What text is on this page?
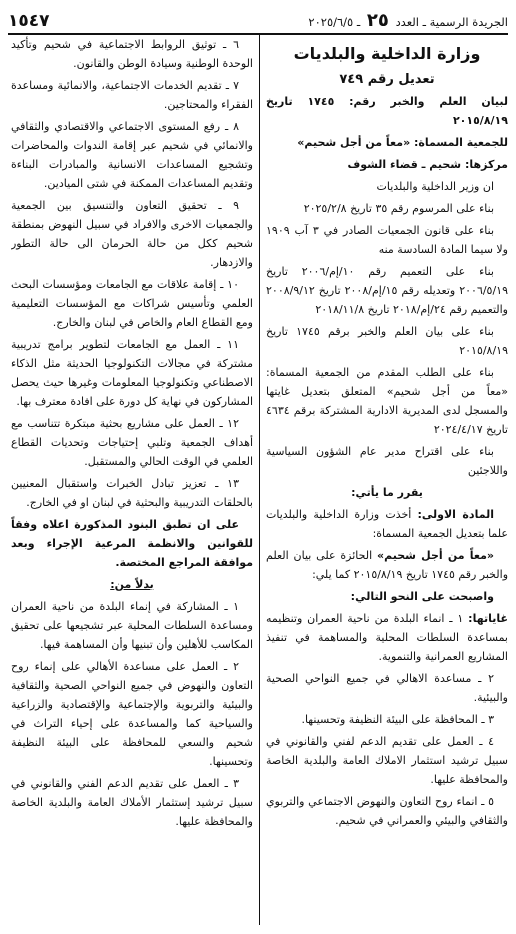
الجريدة الرسمية ـ العدد ٢٥ ـ ٢٠٢٥/٦/٥
١٥٤٧
وزارة الداخلية والبلديات
تعديل رقم ٧٤٩
لبيان العلم والخبر رقم: ١٧٤٥ تاريخ ٢٠١٥/٨/١٩
للجمعية المسماة: «معاً من أجل شحيم»
مركزها: شحيم ـ قضاء الشوف
ان وزير الداخلية والبلديات
بناء على المرسوم رقم ٣٥ تاريخ ٢٠٢٥/٢/٨
بناء على قانون الجمعيات الصادر في ٣ آب ١٩٠٩ ولا سيما المادة السادسة منه
بناء على التعميم رقم ١٠/إم/٢٠٠٦ تاريخ ٢٠٠٦/٥/١٩ وتعديله رقم ١٥/إم/٢٠٠٨ تاريخ ٢٠٠٨/٩/١٢ والتعميم رقم ٢٤/إم/٢٠١٨ تاريخ ٢٠١٨/١١/٨
بناء على بيان العلم والخبر برقم ١٧٤٥ تاريخ ٢٠١٥/٨/١٩
بناء على الطلب المقدم من الجمعية المسماة: «معاً من أجل شحيم» المتعلق بتعديل غايتها والمسجل لدى المديرية الادارية المشتركة برقم ٤٦٣٤ تاريخ ٢٠٢٤/٤/١٧
بناء على اقتراح مدير عام الشؤون السياسية واللاجئين
يقرر ما يأتي:
المادة الاولى: أخذت وزارة الداخلية والبلديات علما بتعديل الجمعية المسماة:
«معاً من أجل شحيم» الحائزة على بيان العلم والخبر رقم ١٧٤٥ تاريخ ٢٠١٥/٨/١٩ كما يلي:
واصبحت على النحو التالي:
غاياتها: ١ ـ انماء البلدة من ناحية العمران وتنظيمه بمساعدة السلطات المحلية والمساهمة في تنفيذ المشاريع العمرانية والتنموية.
٢ ـ مساعدة الاهالي في جميع النواحي الصحية والبيئية.
٣ ـ المحافظة على البيئة النظيفة وتحسينها.
٤ ـ العمل على تقديم الدعم لفني والقانوني في سبيل ترشيد استثمار الاملاك العامة والبلدية الخاصة والمحافظة عليها.
٥ ـ انماء روح التعاون والنهوض الاجتماعي والتربوي والثقافي والبيئي والعمراني في شحيم.
٦ ـ توثيق الروابط الاجتماعية في شحيم وتأكيد الوحدة الوطنية وسيادة الوطن والقانون.
٧ ـ تقديم الخدمات الاجتماعية، والانمائية ومساعدة الفقراء والمحتاجين.
٨ ـ رفع المستوى الاجتماعي والاقتصادي والثقافي والانمائي في شحيم عبر إقامة الندوات والمحاضرات وتشجيع المساعدات الانسانية والمبادرات البناءة وتقديم المساعدات الممكنة في شتى الميادين.
٩ ـ تحقيق التعاون والتنسيق بين الجمعية والجمعيات الاخرى والافراد في سبيل النهوض بمنطقة شحيم ككل من حالة الحرمان الى حالة التطور والازدهار.
١٠ ـ إقامة علاقات مع الجامعات ومؤسسات البحث العلمي وتأسيس شراكات مع المؤسسات التعليمية ومع القطاع العام والخاص في لبنان والخارج.
١١ ـ العمل مع الجامعات لتطوير برامج تدريبية مشتركة في مجالات التكنولوجيا الحديثة مثل الذكاء الاصطناعي وتكنولوجيا المعلومات وغيرها حيث يحصل المشاركون في نهاية كل دورة على افادة معترف بها.
١٢ ـ العمل على مشاريع بحثية مبتكرة تتناسب مع أهداف الجمعية وتلبي إحتياجات وتحديات القطاع العلمي في الوقت الحالي والمستقبل.
١٣ ـ تعزيز تبادل الخبرات واستقبال المعنيين بالحلقات التدريبية والبحثية في لبنان او في الخارج.
على ان تطبق البنود المذكورة اعلاه وفقاً للقوانين والانظمة المرعية الإجراء وبعد موافقة المراجع المختصة.
بدلاً من:
١ ـ المشاركة في إنماء البلدة من ناحية العمران ومساعدة السلطات المحلية عبر تشجيعها على تحقيق المكاسب للأهلين وأن تبنيها وأن المساهمة فيها.
٢ ـ العمل على مساعدة الأهالي على إنماء روح التعاون والنهوض في جميع النواحي الصحية والثقافية والبيئية والتربوية والإجتماعية والإقتصادية والزراعية والسياحية كما والمساعدة على إحياء التراث في شحيم والسعي للمحافظة على البيئة النظيفة وتحسينها.
٣ ـ العمل على تقديم الدعم الفني والقانوني في سبيل ترشيد إستثمار الأملاك العامة والبلدية الخاصة والمحافظة عليها.
